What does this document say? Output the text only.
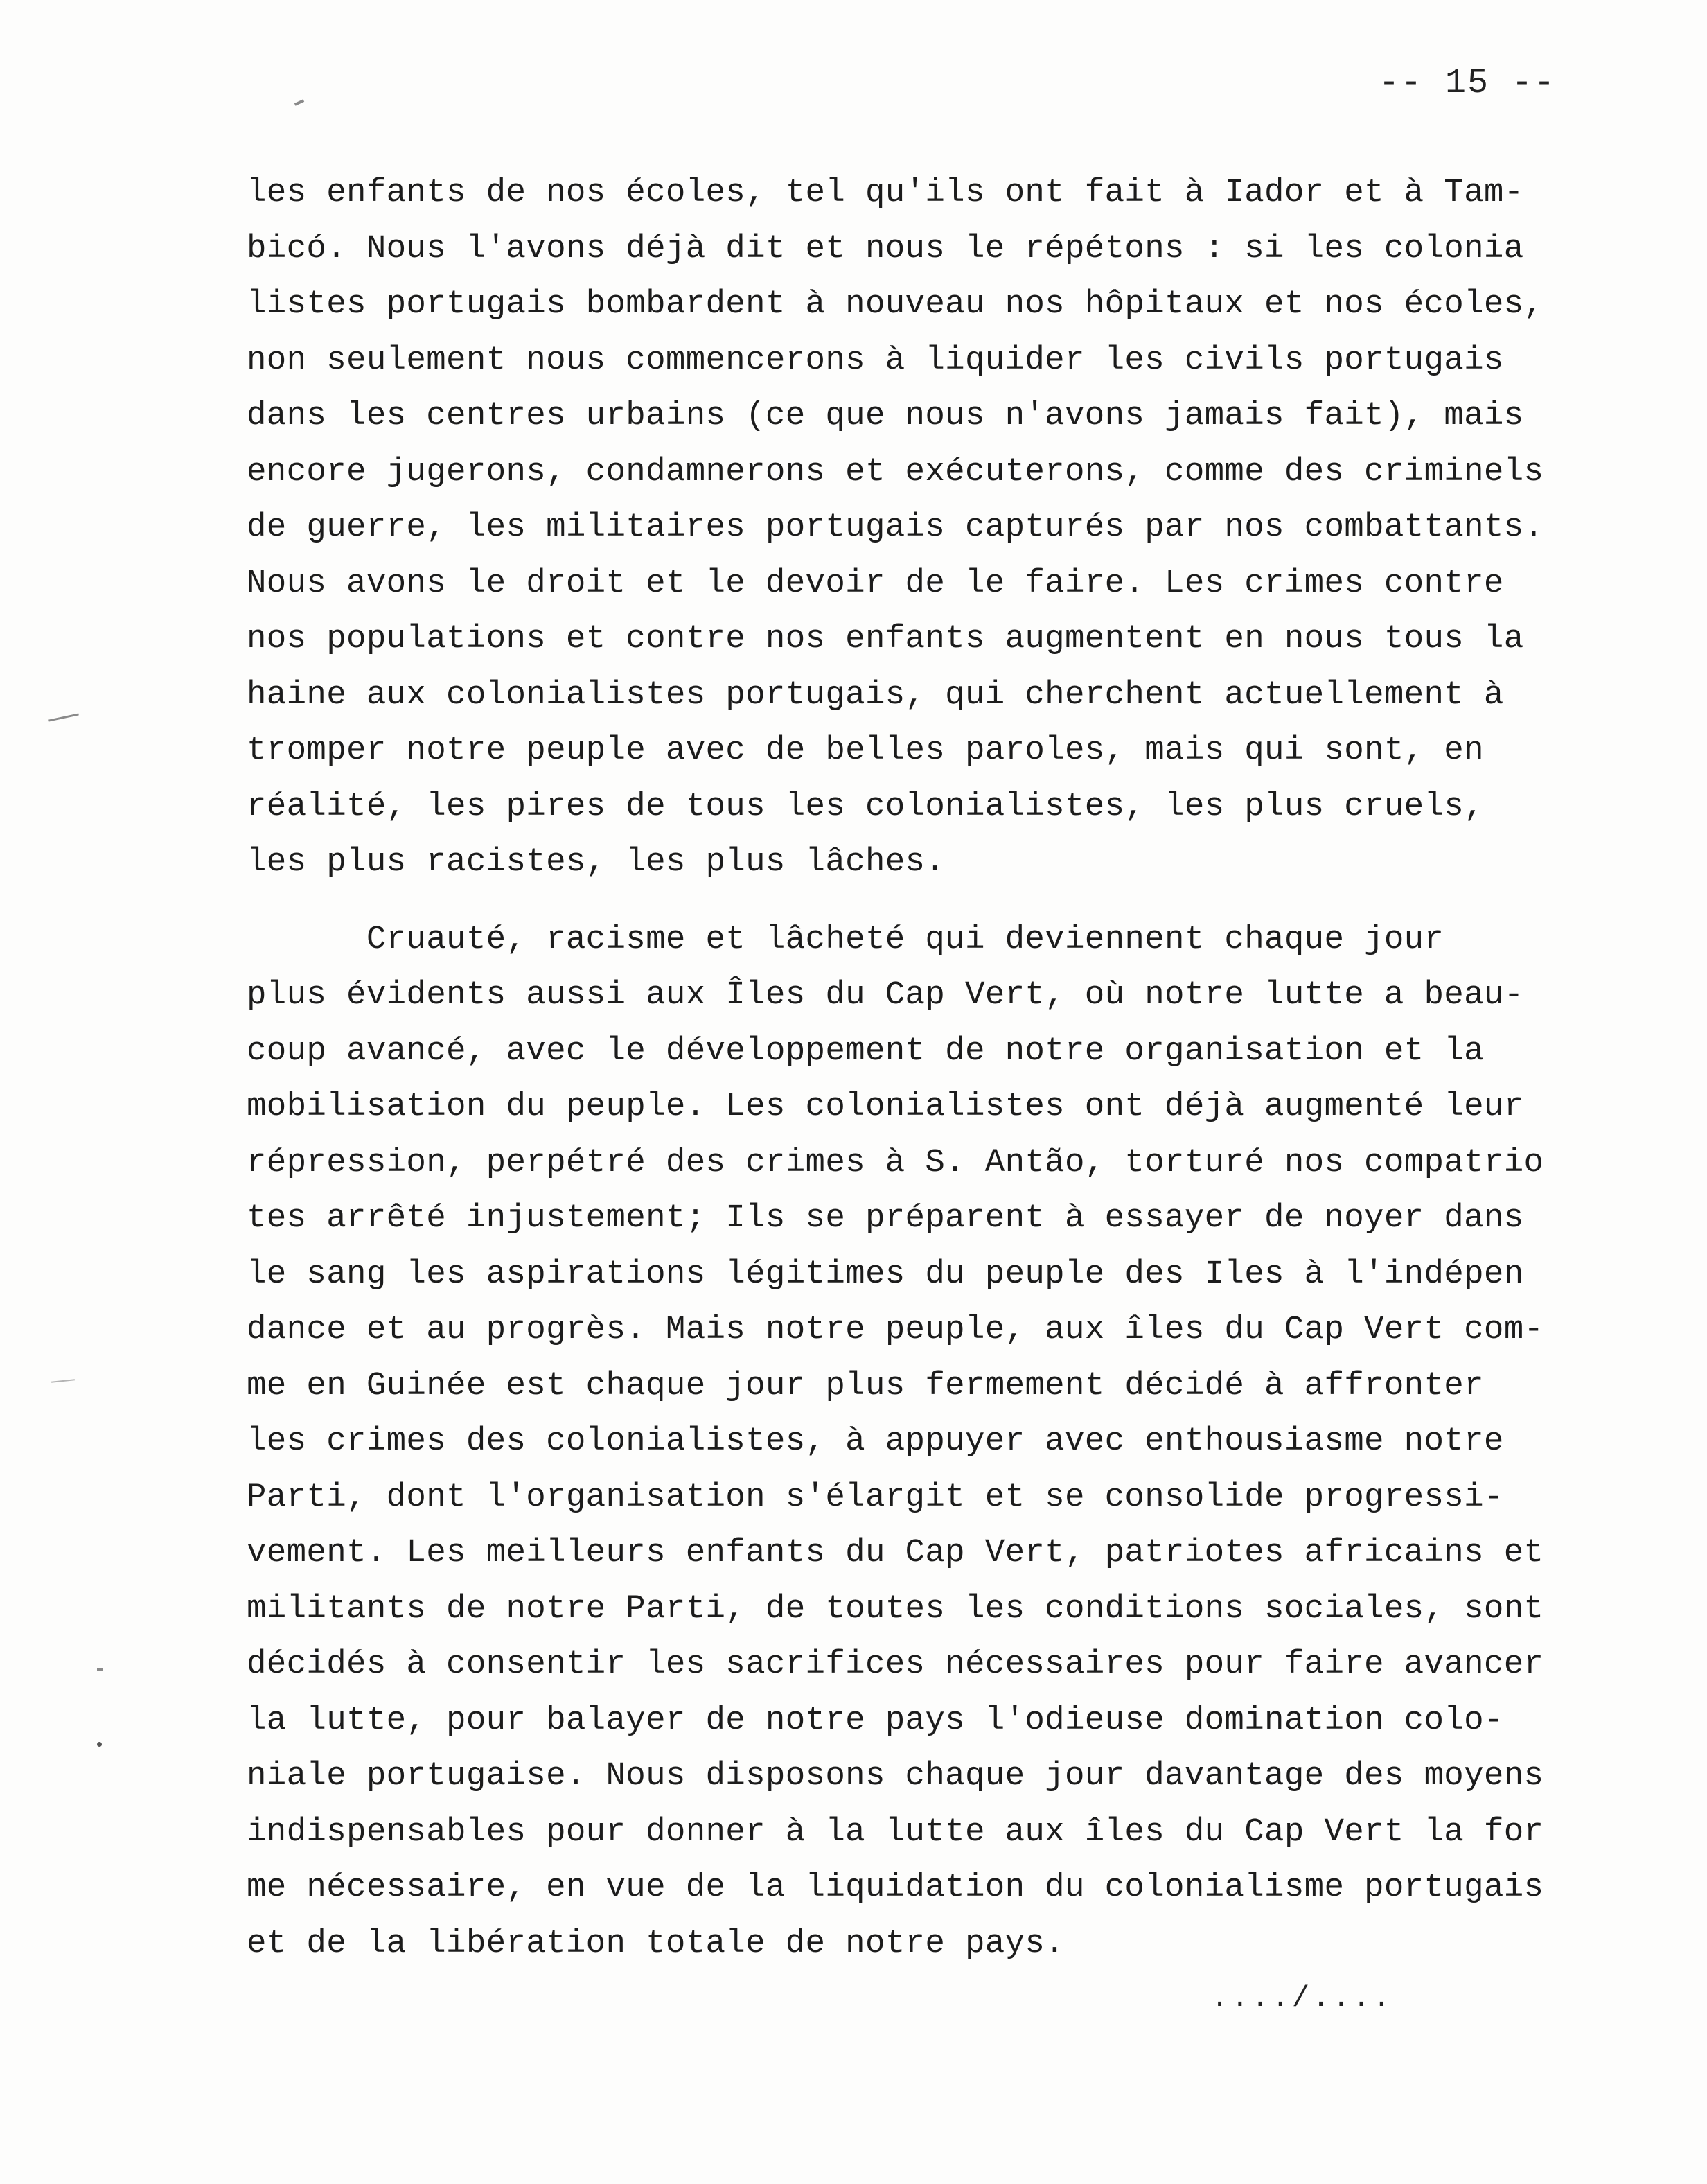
-- 15 --
les enfants de nos écoles, tel qu'ils ont fait à Iador et à Tam-
bicó. Nous l'avons déjà dit et nous le répétons : si les colonia
listes portugais bombardent à nouveau nos hôpitaux et nos écoles,
non seulement nous commencerons à liquider les civils portugais
dans les centres urbains (ce que nous n'avons jamais fait), mais
encore jugerons, condamnerons et exécuterons, comme des criminels
de guerre, les militaires portugais capturés par nos combattants.
Nous avons le droit et le devoir de le faire. Les crimes contre
nos populations et contre nos enfants augmentent en nous tous la
haine aux colonialistes portugais, qui cherchent actuellement à
tromper notre peuple avec de belles paroles, mais qui sont, en
réalité, les pires de tous les colonialistes, les plus cruels,
les plus racistes, les plus lâches.
Cruauté, racisme et lâcheté qui deviennent chaque jour
plus évidents aussi aux Îles du Cap Vert, où notre lutte a beau-
coup avancé, avec le développement de notre organisation et la
mobilisation du peuple. Les colonialistes ont déjà augmenté leur
répression, perpétré des crimes à S. Antão, torturé nos compatrio
tes arrêté injustement; Ils se préparent à essayer de noyer dans
le sang les aspirations légitimes du peuple des Iles à l'indépen
dance et au progrès. Mais notre peuple, aux îles du Cap Vert com-
me en Guinée est chaque jour plus fermement décidé à affronter
les crimes des colonialistes, à appuyer avec enthousiasme notre
Parti, dont l'organisation s'élargit et se consolide progressi-
vement. Les meilleurs enfants du Cap Vert, patriotes africains et
militants de notre Parti, de toutes les conditions sociales, sont
décidés à consentir les sacrifices nécessaires pour faire avancer
la lutte, pour balayer de notre pays l'odieuse domination colo-
niale portugaise. Nous disposons chaque jour davantage des moyens
indispensables pour donner à la lutte aux îles du Cap Vert la for
me nécessaire, en vue de la liquidation du colonialisme portugais
et de la libération totale de notre pays.
..../....
